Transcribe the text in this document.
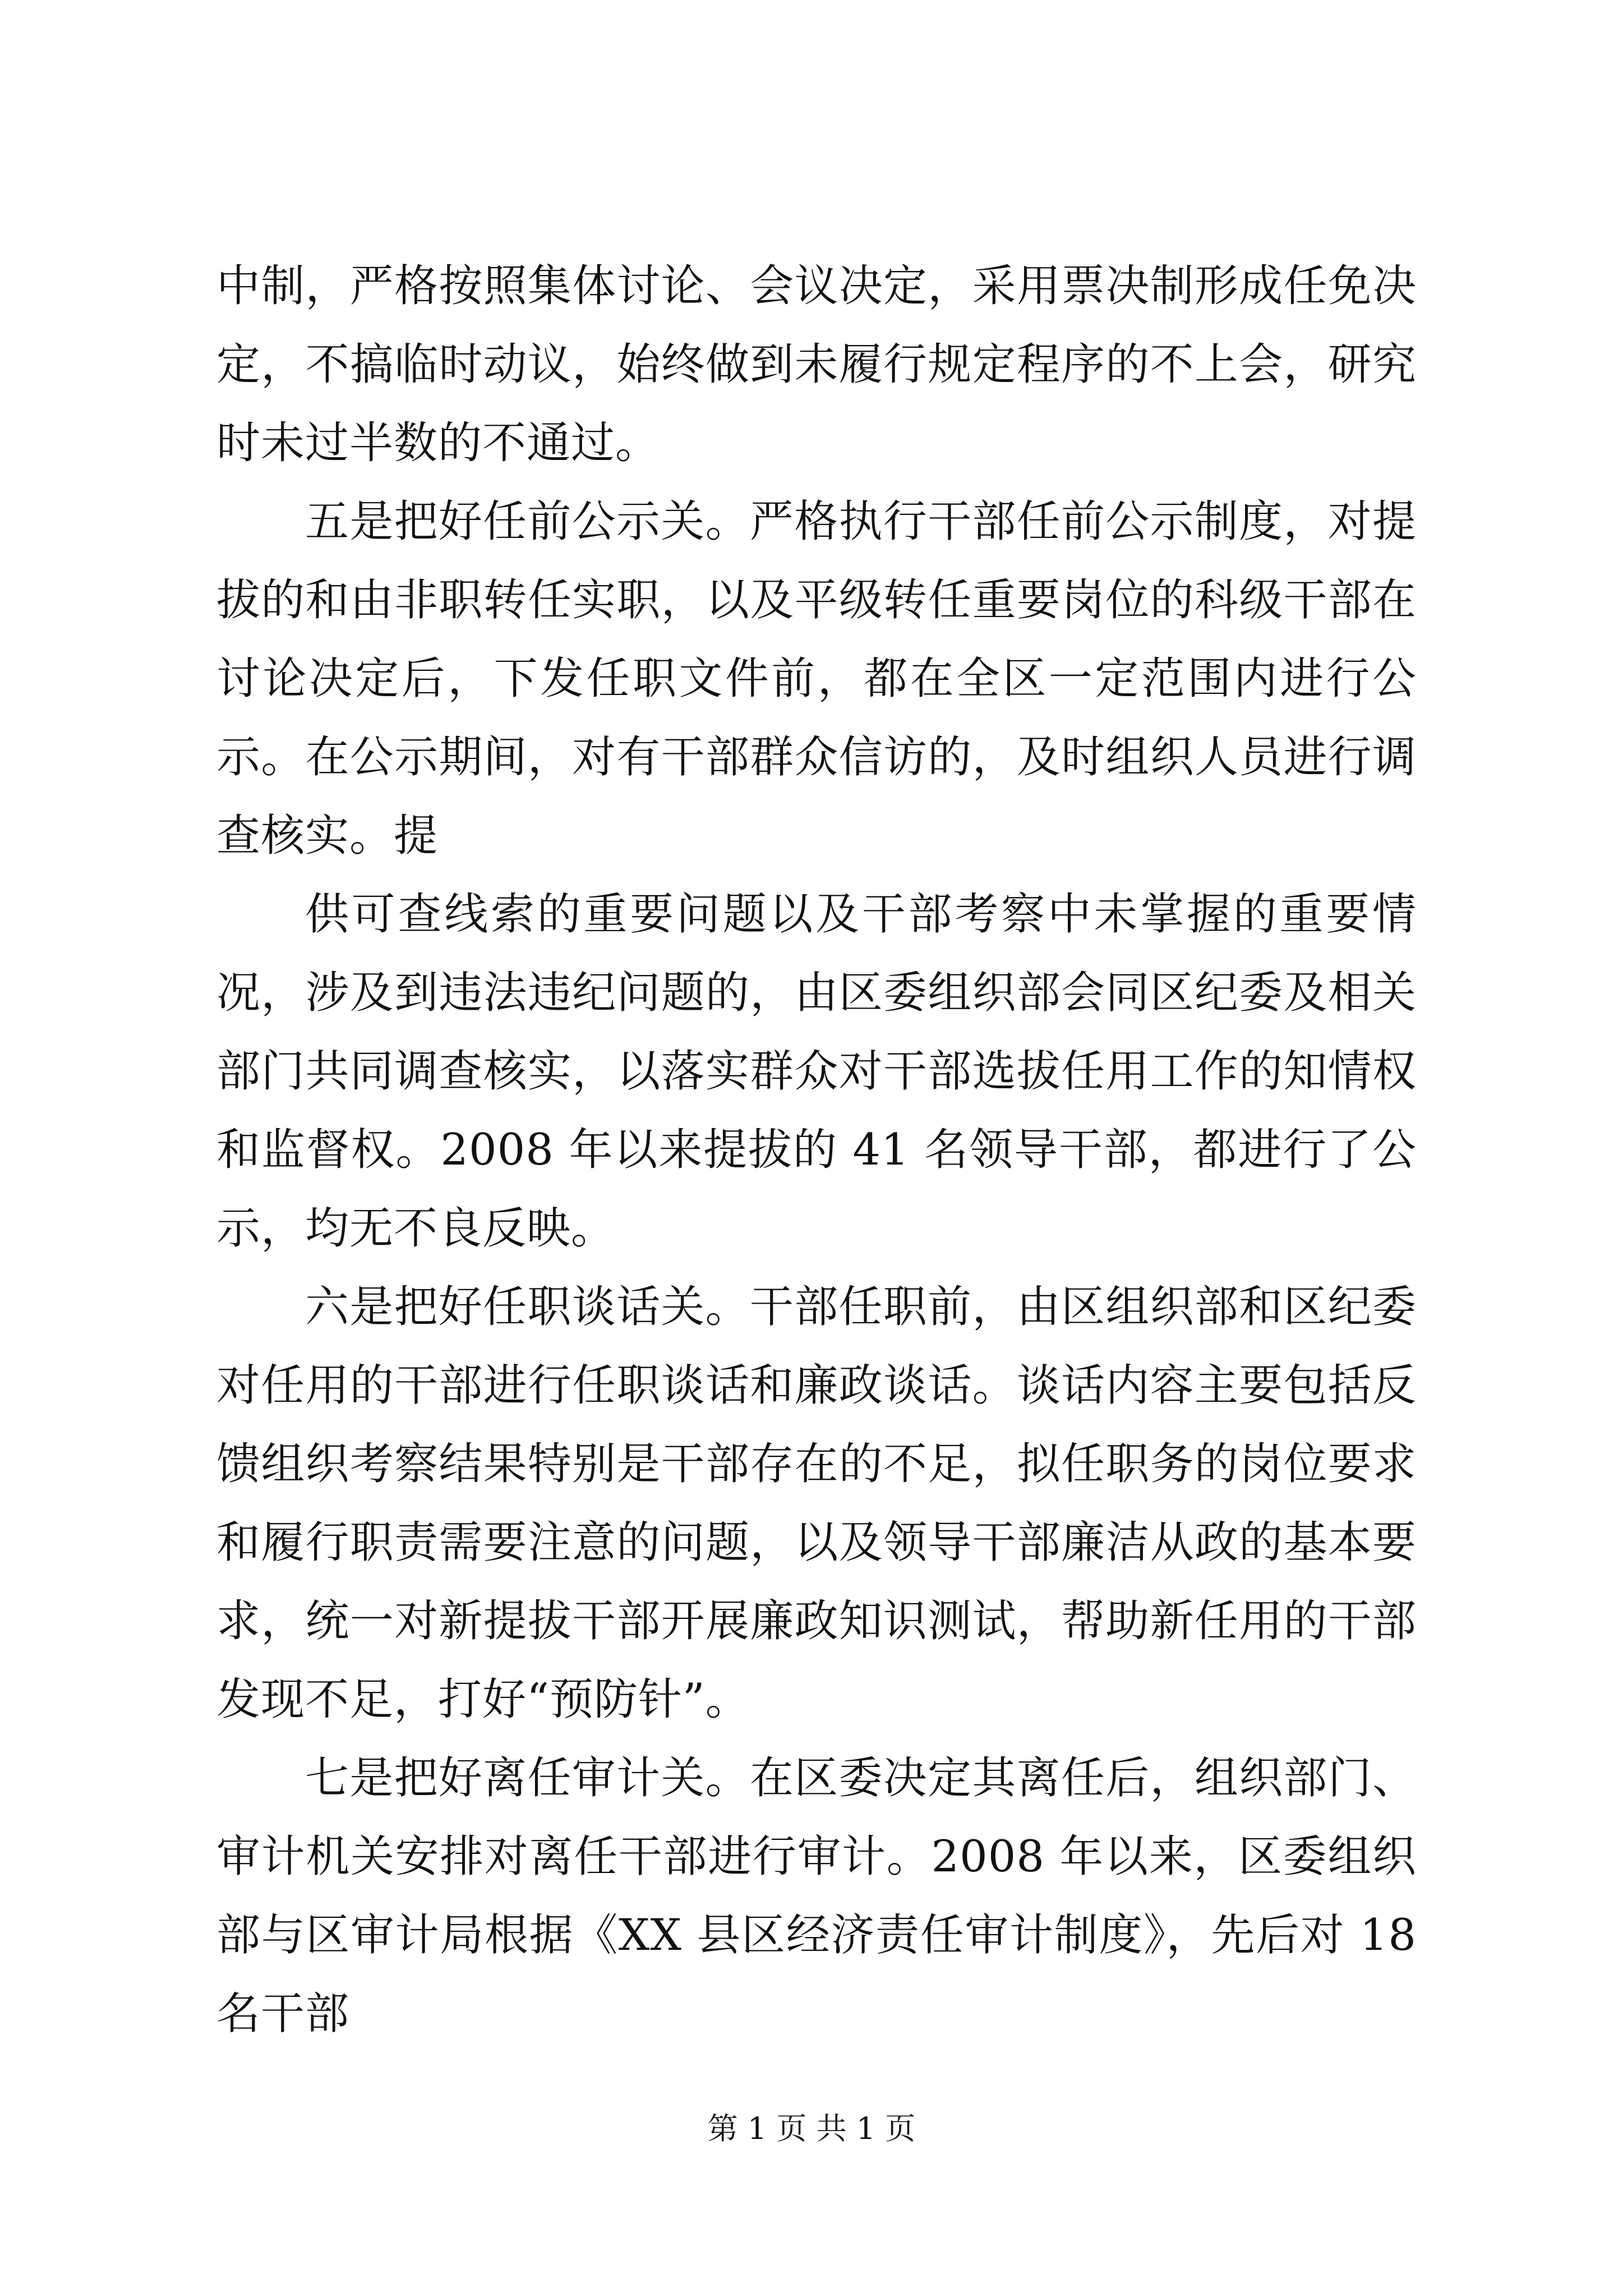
中制，严格按照集体讨论、会议决定，采用票决制形成任免决定，不搞临时动议，始终做到未履行规定程序的不上会，研究时未过半数的不通过。

五是把好任前公示关。严格执行干部任前公示制度，对提拔的和由非职转任实职，以及平级转任重要岗位的科级干部在讨论决定后，下发任职文件前，都在全区一定范围内进行公示。在公示期间，对有干部群众信访的，及时组织人员进行调查核实。提

供可查线索的重要问题以及干部考察中未掌握的重要情况，涉及到违法违纪问题的，由区委组织部会同区纪委及相关部门共同调查核实，以落实群众对干部选拔任用工作的知情权和监督权。2008 年以来提拔的 41 名领导干部，都进行了公示，均无不良反映。

六是把好任职谈话关。干部任职前，由区组织部和区纪委对任用的干部进行任职谈话和廉政谈话。谈话内容主要包括反馈组织考察结果特别是干部存在的不足，拟任职务的岗位要求和履行职责需要注意的问题，以及领导干部廉洁从政的基本要求，统一对新提拔干部开展廉政知识测试，帮助新任用的干部发现不足，打好“预防针”。

七是把好离任审计关。在区委决定其离任后，组织部门、审计机关安排对离任干部进行审计。2008 年以来，区委组织部与区审计局根据《XX 县区经济责任审计制度》，先后对 18 名干部

第 1 页 共 1 页
